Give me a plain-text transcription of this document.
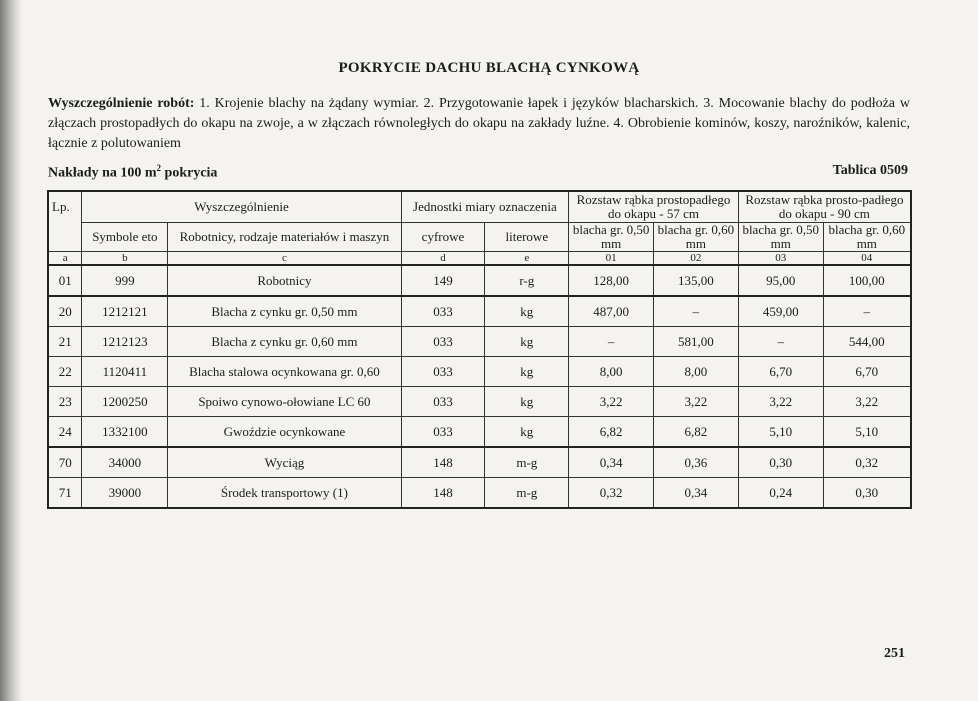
POKRYCIE DACHU BLACHĄ CYNKOWĄ
Wyszczególnienie robót: 1. Krojenie blachy na żądany wymiar. 2. Przygotowanie łapek i języków blacharskich. 3. Mocowanie blachy do podłoża w złączach prostopadłych do okapu na zwoje, a w złączach równoległych do okapu na zakłady luźne. 4. Obrobienie kominów, koszy, naroźników, kalenic, łącznie z polutowaniem
Nakłady na 100 $m^2$ pokrycia	Tablica 0509
Lp.	Wyszczególnienie		Jednostki miary oznaczenia		Rozstaw rąbka prostopadłego do okapu - 57 cm		Rozstaw rąbka prosto-padłego do okapu - 90 cm	
	Symbole eto	Robotnicy, rodzaje materiałów i maszyn	cyfrowe	literowe	blacha gr. 0,50 mm	blacha gr. 0,60 mm	blacha gr. 0,50 mm	blacha gr. 0,60 mm

a	b	c	d	e	01	02	03	04
01	999	Robotnicy	149	r-g	128,00	135,00	95,00	100,00
20	1212121	Blacha z cynku gr. 0,50 mm	033	kg	487,00	–	459,00	–
21	1212123	Blacha z cynku gr. 0,60 mm	033	kg	–	581,00	–	544,00
22	1120411	Blacha stalowa ocynkowana gr. 0,60	033	kg	8,00	8,00	6,70	6,70
23	1200250	Spoiwo cynowo-ołowiane LC 60	033	kg	3,22	3,22	3,22	3,22
24	1332100	Gwoździe ocynkowane	033	kg	6,82	6,82	5,10	5,10
70	34000	Wyciąg	148	m-g	0,34	0,36	0,30	0,32
71	39000	Środek transportowy (1)	148	m-g	0,32	0,34	0,24	0,30
251
